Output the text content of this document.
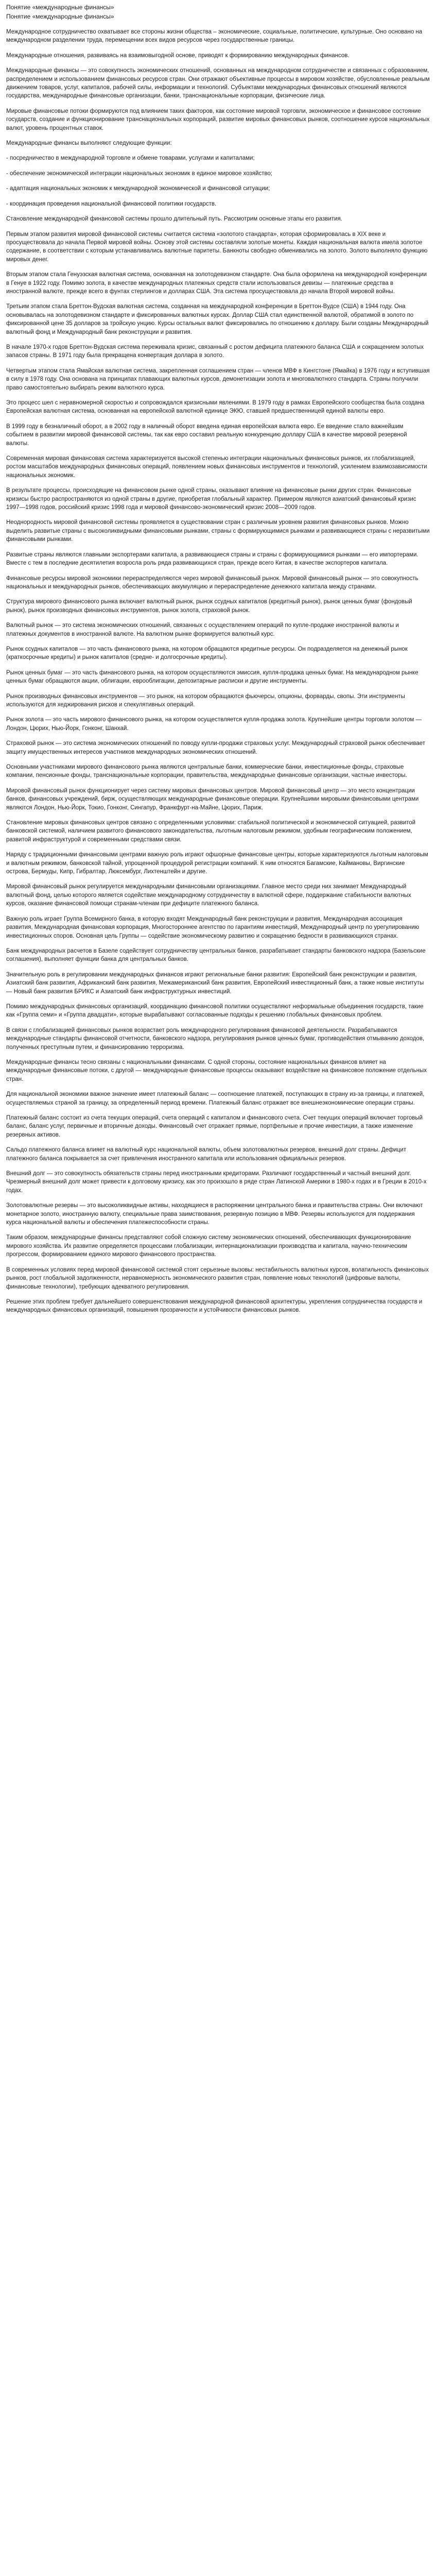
Понятие «международные финансы»
Понятие «международные финансы»

Международное сотрудничество охватывает все стороны жизни общества – экономические, социальные, политические, культурные. Оно основано на международном разделении труда, перемещении всех видов ресурсов через государственные границы.

Международные отношения, развиваясь на взаимовыгодной основе, приводят к формированию международных финансов.

Международные финансы — это совокупность экономических отношений, основанных на международном сотрудничестве и связанных с образованием, распределением и использованием финансовых ресурсов стран. Они отражают объективные процессы в мировом хозяйстве, обусловленные реальным движением товаров, услуг, капиталов, рабочей силы, информации и технологий. Субъектами международных финансовых отношений являются государства, международные финансовые организации, банки, транснациональные корпорации, физические лица.

Мировые финансовые потоки формируются под влиянием таких факторов, как состояние мировой торговли, экономическое и финансовое состояние государств, создание и функционирование транснациональных корпораций, развитие мировых финансовых рынков, соотношение курсов национальных валют, уровень процентных ставок.

Международные финансы выполняют следующие функции:

- посредничество в международной торговле и обмене товарами, услугами и капиталами;
- обеспечение экономической интеграции национальных экономик в единое мировое хозяйство;
- адаптация национальных экономик к международной экономической и финансовой ситуации;
- координация проведения национальной финансовой политики государств.

Становление международной финансовой системы прошло длительный путь. Рассмотрим основные этапы его развития.

Первым этапом развития мировой финансовой системы считается система «золотого стандарта», которая сформировалась в XIX веке и просуществовала до начала Первой мировой войны. Основу этой системы составляли золотые монеты. Каждая национальная валюта имела золотое содержание, в соответствии с которым устанавливались валютные паритеты. Банкноты свободно обменивались на золото. Золото выполняло функцию мировых денег.

Вторым этапом стала Генуэзская валютная система, основанная на золотодевизном стандарте. Она была оформлена на международной конференции в Генуе в 1922 году. Помимо золота, в качестве международных платежных средств стали использоваться девизы — платежные средства в иностранной валюте, прежде всего в фунтах стерлингов и долларах США. Эта система просуществовала до начала Второй мировой войны.

Третьим этапом стала Бреттон-Вудская валютная система, созданная на международной конференции в Бреттон-Вудсе (США) в 1944 году. Она основывалась на золотодевизном стандарте и фиксированных валютных курсах. Доллар США стал единственной валютой, обратимой в золото по фиксированной цене 35 долларов за тройскую унцию. Курсы остальных валют фиксировались по отношению к доллару. Были созданы Международный валютный фонд и Международный банк реконструкции и развития.

В начале 1970-х годов Бреттон-Вудская система переживала кризис, связанный с ростом дефицита платежного баланса США и сокращением золотых запасов страны. В 1971 году была прекращена конвертация доллара в золото.

Четвертым этапом стала Ямайская валютная система, закрепленная соглашением стран — членов МВФ в Кингстоне (Ямайка) в 1976 году и вступившая в силу в 1978 году. Она основана на принципах плавающих валютных курсов, демонетизации золота и многовалютного стандарта. Страны получили право самостоятельно выбирать режим валютного курса.

Это процесс шел с неравномерной скоростью и сопровождался кризисными явлениями. В 1979 году в рамках Европейского сообщества была создана Европейская валютная система, основанная на европейской валютной единице ЭКЮ, ставшей предшественницей единой валюты евро.

В 1999 году в безналичный оборот, а в 2002 году в наличный оборот введена единая европейская валюта евро. Ее введение стало важнейшим событием в развитии мировой финансовой системы, так как евро составил реальную конкуренцию доллару США в качестве мировой резервной валюты.

Современная мировая финансовая система характеризуется высокой степенью интеграции национальных финансовых рынков, их глобализацией, ростом масштабов международных финансовых операций, появлением новых финансовых инструментов и технологий, усилением взаимозависимости национальных экономик.

В результате процессы, происходящие на финансовом рынке одной страны, оказывают влияние на финансовые рынки других стран. Финансовые кризисы быстро распространяются из одной страны в другие, приобретая глобальный характер. Примером являются азиатский финансовый кризис 1997—1998 годов, российский кризис 1998 года и мировой финансово-экономический кризис 2008—2009 годов.

Неоднородность мировой финансовой системы проявляется в существовании стран с различным уровнем развития финансовых рынков. Можно выделить развитые страны с высоколиквидными финансовыми рынками, страны с формирующимися рынками и развивающиеся страны с неразвитыми финансовыми рынками.

Развитые страны являются главными экспортерами капитала, а развивающиеся страны и страны с формирующимися рынками — его импортерами. Вместе с тем в последние десятилетия возросла роль ряда развивающихся стран, прежде всего Китая, в качестве экспортеров капитала.

Финансовые ресурсы мировой экономики перераспределяются через мировой финансовый рынок. Мировой финансовый рынок — это совокупность национальных и международных рынков, обеспечивающих аккумуляцию и перераспределение денежного капитала между странами.

Структура мирового финансового рынка включает валютный рынок, рынок ссудных капиталов (кредитный рынок), рынок ценных бумаг (фондовый рынок), рынок производных финансовых инструментов, рынок золота, страховой рынок.

Валютный рынок — это система экономических отношений, связанных с осуществлением операций по купле-продаже иностранной валюты и платежных документов в иностранной валюте. На валютном рынке формируется валютный курс.

Рынок ссудных капиталов — это часть финансового рынка, на котором обращаются кредитные ресурсы. Он подразделяется на денежный рынок (краткосрочные кредиты) и рынок капиталов (средне- и долгосрочные кредиты).

Рынок ценных бумаг — это часть финансового рынка, на котором осуществляются эмиссия, купля-продажа ценных бумаг. На международном рынке ценных бумаг обращаются акции, облигации, еврооблигации, депозитарные расписки и другие инструменты.

Рынок производных финансовых инструментов — это рынок, на котором обращаются фьючерсы, опционы, форварды, свопы. Эти инструменты используются для хеджирования рисков и спекулятивных операций.

Рынок золота — это часть мирового финансового рынка, на котором осуществляется купля-продажа золота. Крупнейшие центры торговли золотом — Лондон, Цюрих, Нью-Йорк, Гонконг, Шанхай.

Страховой рынок — это система экономических отношений по поводу купли-продажи страховых услуг. Международный страховой рынок обеспечивает защиту имущественных интересов участников международных экономических отношений.

Основными участниками мирового финансового рынка являются центральные банки, коммерческие банки, инвестиционные фонды, страховые компании, пенсионные фонды, транснациональные корпорации, правительства, международные финансовые организации, частные инвесторы.

Мировой финансовый рынок функционирует через систему мировых финансовых центров. Мировой финансовый центр — это место концентрации банков, финансовых учреждений, бирж, осуществляющих международные финансовые операции. Крупнейшими мировыми финансовыми центрами являются Лондон, Нью-Йорк, Токио, Гонконг, Сингапур, Франкфурт-на-Майне, Цюрих, Париж.

Становление мировых финансовых центров связано с определенными условиями: стабильной политической и экономической ситуацией, развитой банковской системой, наличием развитого финансового законодательства, льготным налоговым режимом, удобным географическим положением, развитой инфраструктурой и современными средствами связи.

Наряду с традиционными финансовыми центрами важную роль играют офшорные финансовые центры, которые характеризуются льготным налоговым и валютным режимом, банковской тайной, упрощенной процедурой регистрации компаний. К ним относятся Багамские, Каймановы, Виргинские острова, Бермуды, Кипр, Гибралтар, Люксембург, Лихтенштейн и другие.

Мировой финансовый рынок регулируется международными финансовыми организациями. Главное место среди них занимает Международный валютный фонд, целью которого является содействие международному сотрудничеству в валютной сфере, поддержание стабильности валютных курсов, оказание финансовой помощи странам-членам при дефиците платежного баланса.

Важную роль играет Группа Всемирного банка, в которую входят Международный банк реконструкции и развития, Международная ассоциация развития, Международная финансовая корпорация, Многостороннее агентство по гарантиям инвестиций, Международный центр по урегулированию инвестиционных споров. Основная цель Группы — содействие экономическому развитию и сокращению бедности в развивающихся странах.

Банк международных расчетов в Базеле содействует сотрудничеству центральных банков, разрабатывает стандарты банковского надзора (Базельские соглашения), выполняет функции банка для центральных банков.

Значительную роль в регулировании международных финансов играют региональные банки развития: Европейский банк реконструкции и развития, Азиатский банк развития, Африканский банк развития, Межамериканский банк развития, Европейский инвестиционный банк, а также новые институты — Новый банк развития БРИКС и Азиатский банк инфраструктурных инвестиций.

Помимо международных финансовых организаций, координацию финансовой политики осуществляют неформальные объединения государств, такие как «Группа семи» и «Группа двадцати», которые вырабатывают согласованные подходы к решению глобальных финансовых проблем.

В связи с глобализацией финансовых рынков возрастает роль международного регулирования финансовой деятельности. Разрабатываются международные стандарты финансовой отчетности, банковского надзора, регулирования рынков ценных бумаг, противодействия отмыванию доходов, полученных преступным путем, и финансированию терроризма.

Международные финансы тесно связаны с национальными финансами. С одной стороны, состояние национальных финансов влияет на международные финансовые потоки, с другой — международные финансовые процессы оказывают воздействие на финансовое положение отдельных стран.

Для национальной экономики важное значение имеет платежный баланс — соотношение платежей, поступающих в страну из-за границы, и платежей, осуществляемых страной за границу, за определенный период времени. Платежный баланс отражает все внешнеэкономические операции страны.

Платежный баланс состоит из счета текущих операций, счета операций с капиталом и финансового счета. Счет текущих операций включает торговый баланс, баланс услуг, первичные и вторичные доходы. Финансовый счет отражает прямые, портфельные и прочие инвестиции, а также изменение резервных активов.

Сальдо платежного баланса влияет на валютный курс национальной валюты, объем золотовалютных резервов, внешний долг страны. Дефицит платежного баланса покрывается за счет привлечения иностранного капитала или использования официальных резервов.

Внешний долг — это совокупность обязательств страны перед иностранными кредиторами. Различают государственный и частный внешний долг. Чрезмерный внешний долг может привести к долговому кризису, как это произошло в ряде стран Латинской Америки в 1980-х годах и в Греции в 2010-х годах.

Золотовалютные резервы — это высоколиквидные активы, находящиеся в распоряжении центрального банка и правительства страны. Они включают монетарное золото, иностранную валюту, специальные права заимствования, резервную позицию в МВФ. Резервы используются для поддержания курса национальной валюты и обеспечения платежеспособности страны.

Таким образом, международные финансы представляют собой сложную систему экономических отношений, обеспечивающих функционирование мирового хозяйства. Их развитие определяется процессами глобализации, интернационализации производства и капитала, научно-техническим прогрессом, формированием единого мирового финансового пространства.

В современных условиях перед мировой финансовой системой стоят серьезные вызовы: нестабильность валютных курсов, волатильность финансовых рынков, рост глобальной задолженности, неравномерность экономического развития стран, появление новых технологий (цифровые валюты, финансовые технологии), требующих адекватного регулирования.

Решение этих проблем требует дальнейшего совершенствования международной финансовой архитектуры, укрепления сотрудничества государств и международных финансовых организаций, повышения прозрачности и устойчивости финансовых рынков.
